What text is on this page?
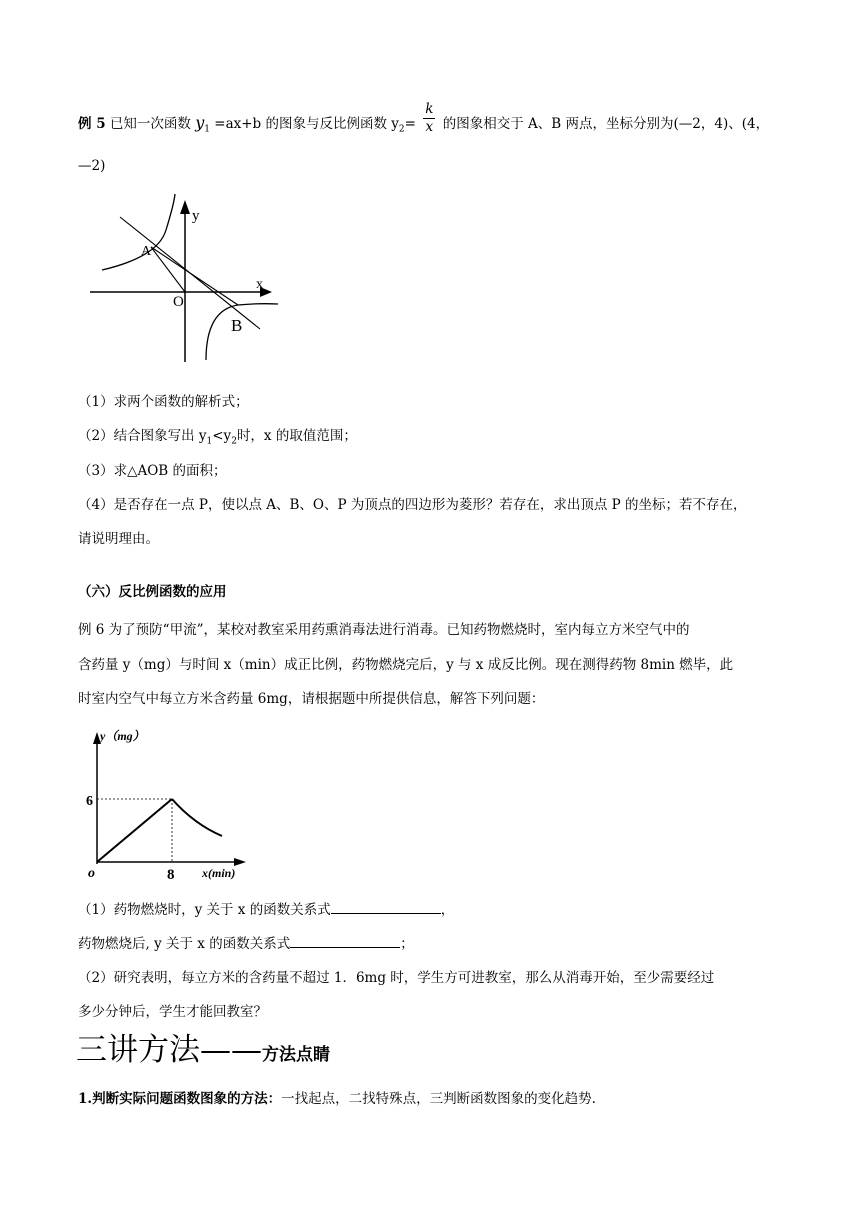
例 5 已知一次函数 $y_1 =ax+b$ 的图象与反比例函数 $y_2= \frac{k}{x}$ 的图象相交于 A、B 两点，坐标分别为(—2，4)、(4，
—2)
y
x
O
A
B
（1）求两个函数的解析式；
（2）结合图象写出 $y_1<y_2$时，x 的取值范围；
（3）求△AOB 的面积；
（4）是否存在一点 P，使以点 A、B、O、P 为顶点的四边形为菱形？若存在，求出顶点 P 的坐标；若不存在，
请说明理由。
（六）反比例函数的应用
例 6 为了预防“甲流”，某校对教室采用药熏消毒法进行消毒。已知药物燃烧时，室内每立方米空气中的
含药量 y（mg）与时间 x（min）成正比例，药物燃烧完后，y 与 x 成反比例。现在测得药物 8min 燃毕，此
时室内空气中每立方米含药量 6mg，请根据题中所提供信息，解答下列问题：
y（mg）
6
o	8 x(min)
（1）药物燃烧时，y 关于 x 的函数关系式	，
药物燃烧后, y 关于 x 的函数关系式	；
（2）研究表明，每立方米的含药量不超过 1．6mg 时，学生方可进教室，那么从消毒开始，至少需要经过
多少分钟后，学生才能回教室？
三讲方法——方法点睛
1.判断实际问题函数图象的方法：一找起点，二找特殊点，三判断函数图象的变化趋势.
